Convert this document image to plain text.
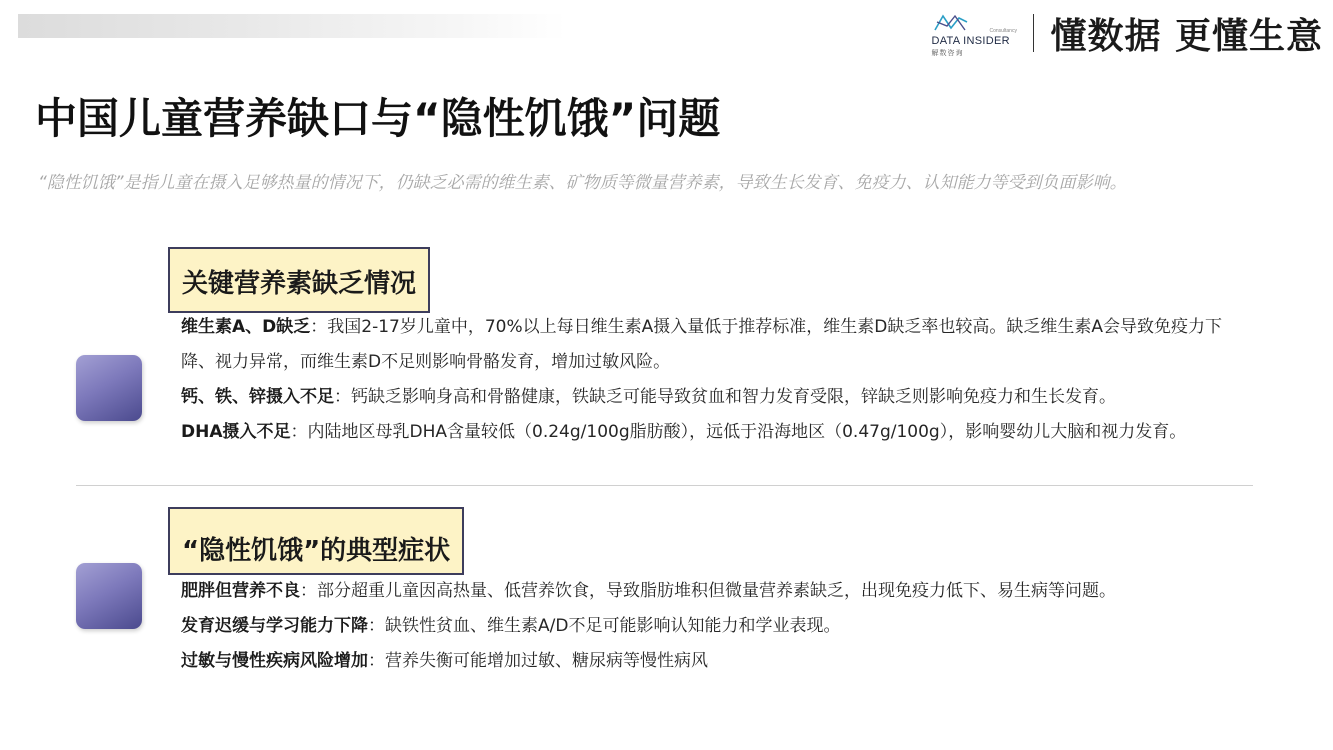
Consultancy
DATA INSIDER
解数咨询 懂数据 更懂生意
中国儿童营养缺口与“隐性饥饿”问题
“隐性饥饿”是指儿童在摄入足够热量的情况下，仍缺乏必需的维生素、矿物质等微量营养素，导致生长发育、免疫力、认知能力等受到负面影响。
关键营养素缺乏情况

维生素A、D缺乏：我国2-17岁儿童中，70%以上每日维生素A摄入量低于推荐标准，维生素D缺乏率也较高。缺乏维生素A会导致免疫力下降、视力异常，而维生素D不足则影响骨骼发育，增加过敏风险。

钙、铁、锌摄入不足：钙缺乏影响身高和骨骼健康，铁缺乏可能导致贫血和智力发育受限，锌缺乏则影响免疫力和生长发育。

DHA摄入不足：内陆地区母乳DHA含量较低（0.24g/100g脂肪酸），远低于沿海地区（0.47g/100g），影响婴幼儿大脑和视力发育。

“隐性饥饿”的典型症状

肥胖但营养不良：部分超重儿童因高热量、低营养饮食，导致脂肪堆积但微量营养素缺乏，出现免疫力低下、易生病等问题。

发育迟缓与学习能力下降：缺铁性贫血、维生素A/D不足可能影响认知能力和学业表现。

过敏与慢性疾病风险增加：营养失衡可能增加过敏、糖尿病等慢性病风
